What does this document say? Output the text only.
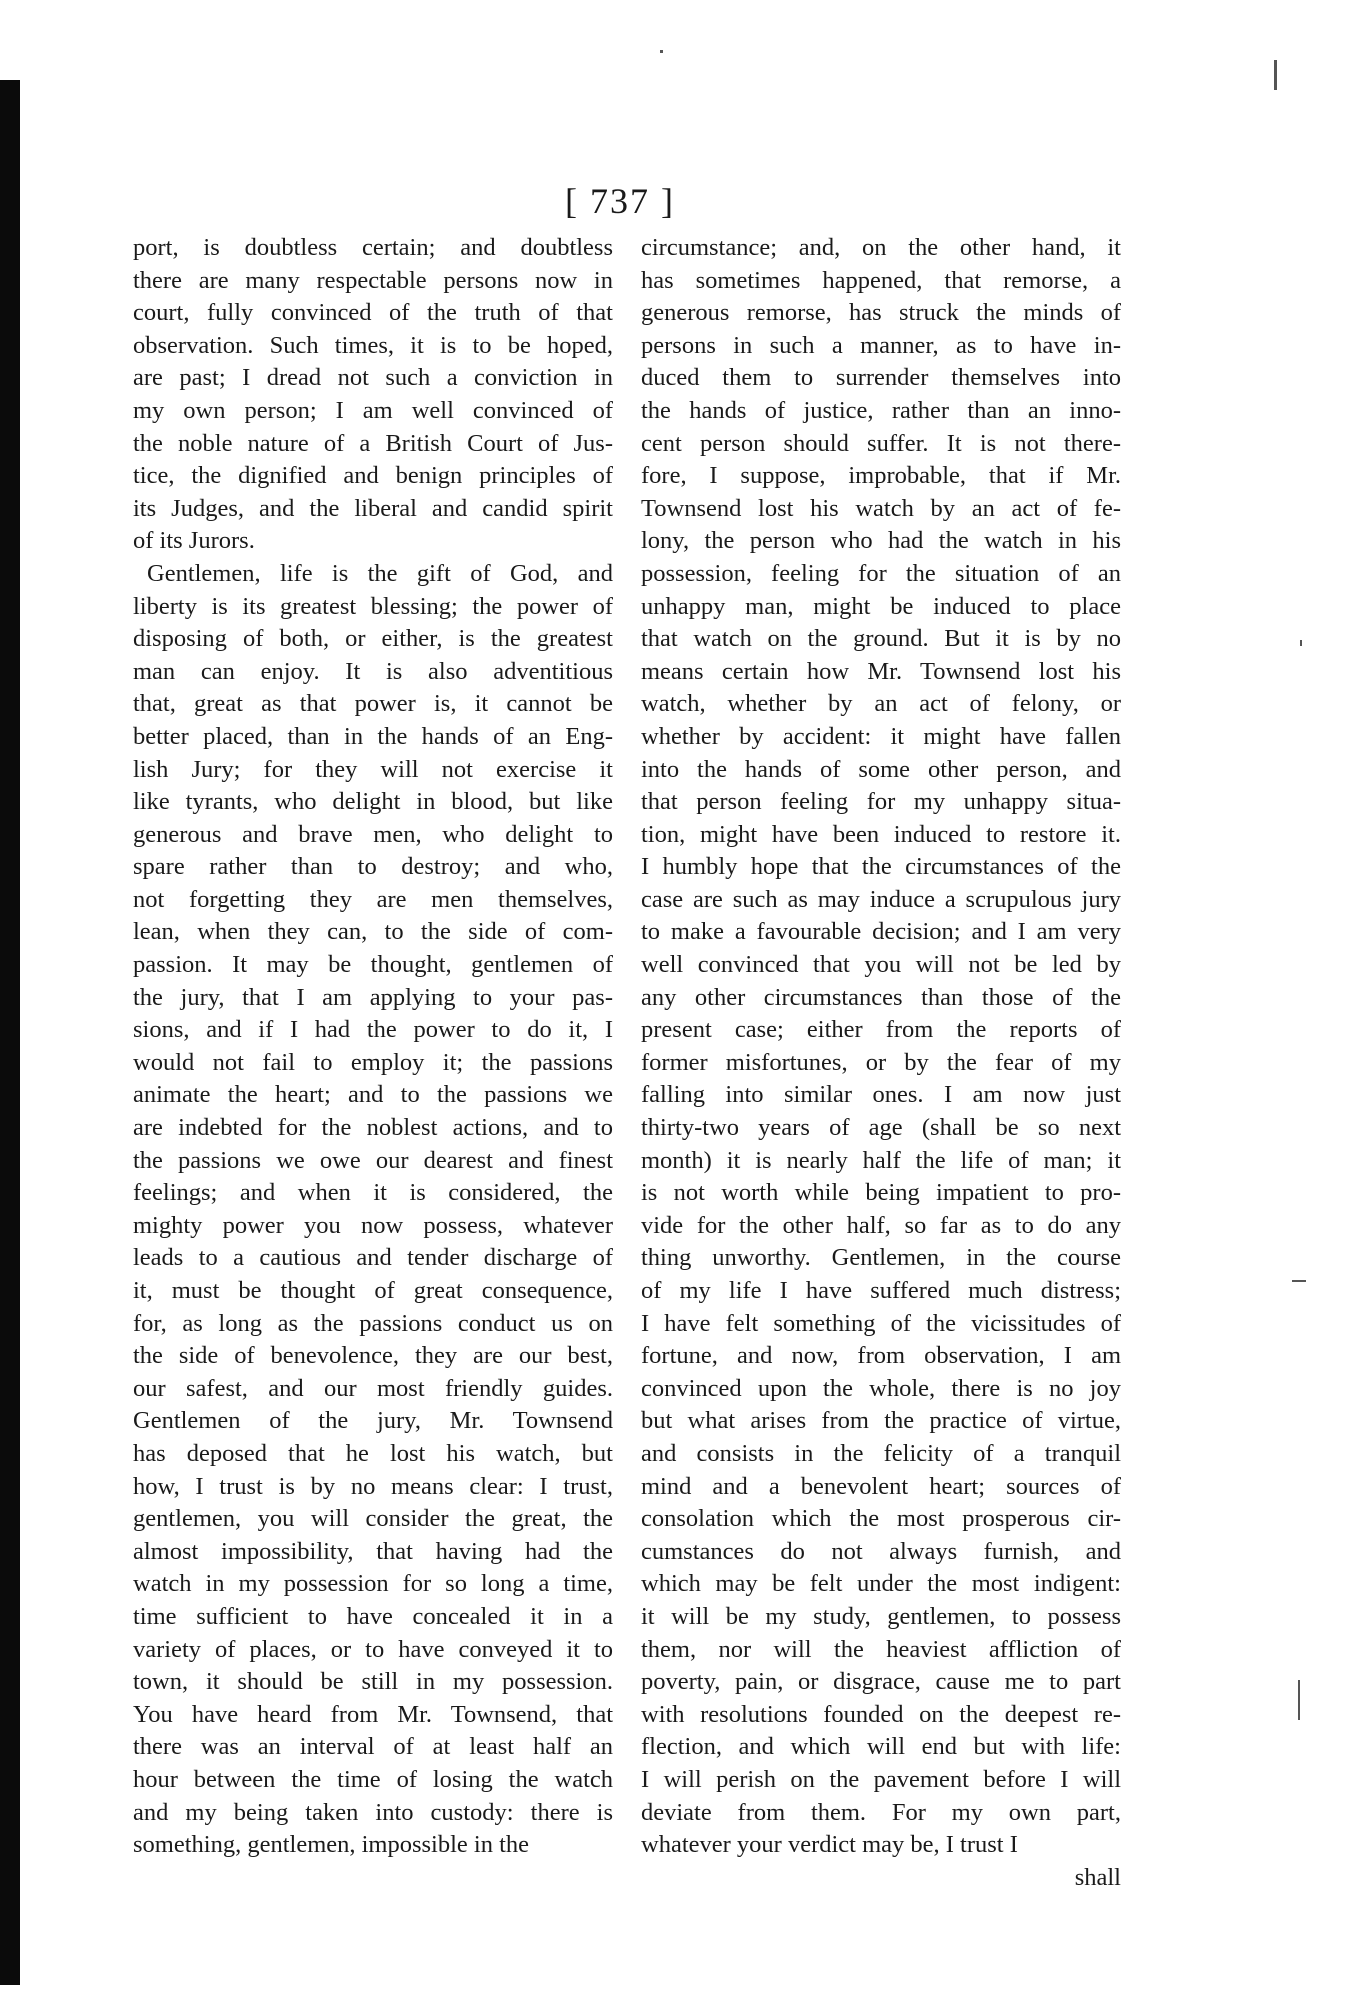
[ 737 ]
port, is doubtless certain; and doubtless
there are many respectable persons now in
court, fully convinced of the truth of that
observation. Such times, it is to be hoped,
are past; I dread not such a conviction in
my own person; I am well convinced of
the noble nature of a British Court of Jus-
tice, the dignified and benign principles of
its Judges, and the liberal and candid spirit
of its Jurors.
Gentlemen, life is the gift of God, and
liberty is its greatest blessing; the power of
disposing of both, or either, is the greatest
man can enjoy. It is also adventitious
that, great as that power is, it cannot be
better placed, than in the hands of an Eng-
lish Jury; for they will not exercise it
like tyrants, who delight in blood, but like
generous and brave men, who delight to
spare rather than to destroy; and who,
not forgetting they are men themselves,
lean, when they can, to the side of com-
passion. It may be thought, gentlemen of
the jury, that I am applying to your pas-
sions, and if I had the power to do it, I
would not fail to employ it; the passions
animate the heart; and to the passions we
are indebted for the noblest actions, and to
the passions we owe our dearest and finest
feelings; and when it is considered, the
mighty power you now possess, whatever
leads to a cautious and tender discharge of
it, must be thought of great consequence,
for, as long as the passions conduct us on
the side of benevolence, they are our best,
our safest, and our most friendly guides.
Gentlemen of the jury, Mr. Townsend
has deposed that he lost his watch, but
how, I trust is by no means clear: I trust,
gentlemen, you will consider the great, the
almost impossibility, that having had the
watch in my possession for so long a time,
time sufficient to have concealed it in a
variety of places, or to have conveyed it to
town, it should be still in my possession.
You have heard from Mr. Townsend, that
there was an interval of at least half an
hour between the time of losing the watch
and my being taken into custody: there is
something, gentlemen, impossible in the
circumstance; and, on the other hand, it
has sometimes happened, that remorse, a
generous remorse, has struck the minds of
persons in such a manner, as to have in-
duced them to surrender themselves into
the hands of justice, rather than an inno-
cent person should suffer. It is not there-
fore, I suppose, improbable, that if Mr.
Townsend lost his watch by an act of fe-
lony, the person who had the watch in his
possession, feeling for the situation of an
unhappy man, might be induced to place
that watch on the ground. But it is by no
means certain how Mr. Townsend lost his
watch, whether by an act of felony, or
whether by accident: it might have fallen
into the hands of some other person, and
that person feeling for my unhappy situa-
tion, might have been induced to restore it.
I humbly hope that the circumstances of the
case are such as may induce a scrupulous jury
to make a favourable decision; and I am very
well convinced that you will not be led by
any other circumstances than those of the
present case; either from the reports of
former misfortunes, or by the fear of my
falling into similar ones. I am now just
thirty-two years of age (shall be so next
month) it is nearly half the life of man; it
is not worth while being impatient to pro-
vide for the other half, so far as to do any
thing unworthy. Gentlemen, in the course
of my life I have suffered much distress;
I have felt something of the vicissitudes of
fortune, and now, from observation, I am
convinced upon the whole, there is no joy
but what arises from the practice of virtue,
and consists in the felicity of a tranquil
mind and a benevolent heart; sources of
consolation which the most prosperous cir-
cumstances do not always furnish, and
which may be felt under the most indigent:
it will be my study, gentlemen, to possess
them, nor will the heaviest affliction of
poverty, pain, or disgrace, cause me to part
with resolutions founded on the deepest re-
flection, and which will end but with life:
I will perish on the pavement before I will
deviate from them. For my own part,
whatever your verdict may be, I trust I
shall
